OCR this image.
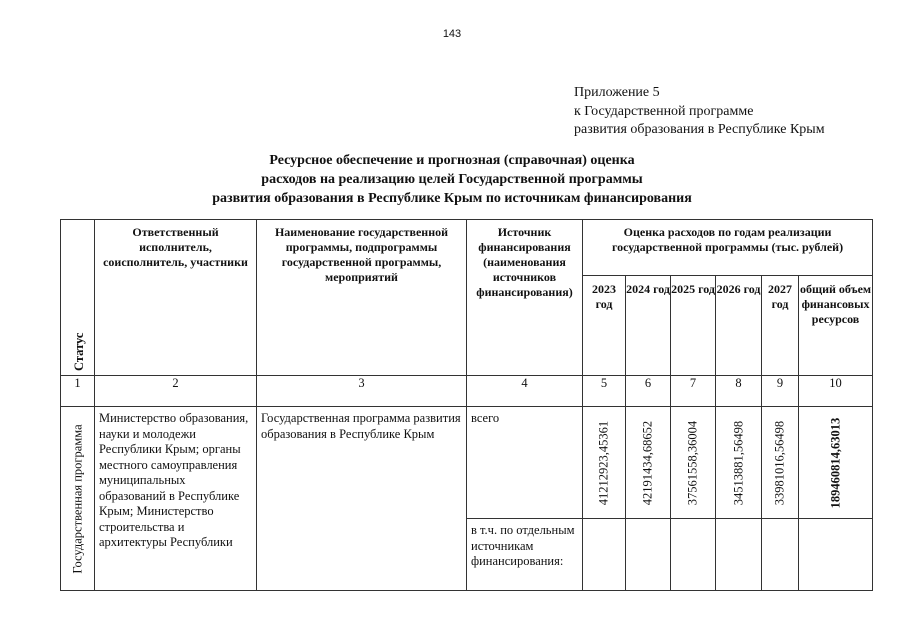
143
Приложение 5
к Государственной программе
развития образования в Республике Крым
Ресурсное обеспечение и прогнозная (справочная) оценка
расходов на реализацию целей Государственной программы
развития образования в Республике Крым по источникам финансирования
Статус	Ответственный исполнитель, соисполнитель, участники	Наименование государственной программы, подпрограммы государственной программы, мероприятий	Источник финансирования (наименования источников финансирования)	Оценка расходов по годам реализации государственной программы (тыс. рублей)					
				2023 год	2024 год	2025 год	2026 год	2027 год	общий объем финансовых ресурсов
1	2	3	4	5	6	7	8	9	10

Государственная программа	Министерство образования, науки и молодежи Республики Крым; органы местного самоуправления муниципальных образований в Республике Крым; Министерство строительства и архитектуры Республики	Государственная программа развития образования в Республике Крым	всего	41212923,45361	42191434,68652	37561558,36004	34513881,56498	33981016,56498	189460814,63013

			в т.ч. по отдельным источникам финансирования:						
